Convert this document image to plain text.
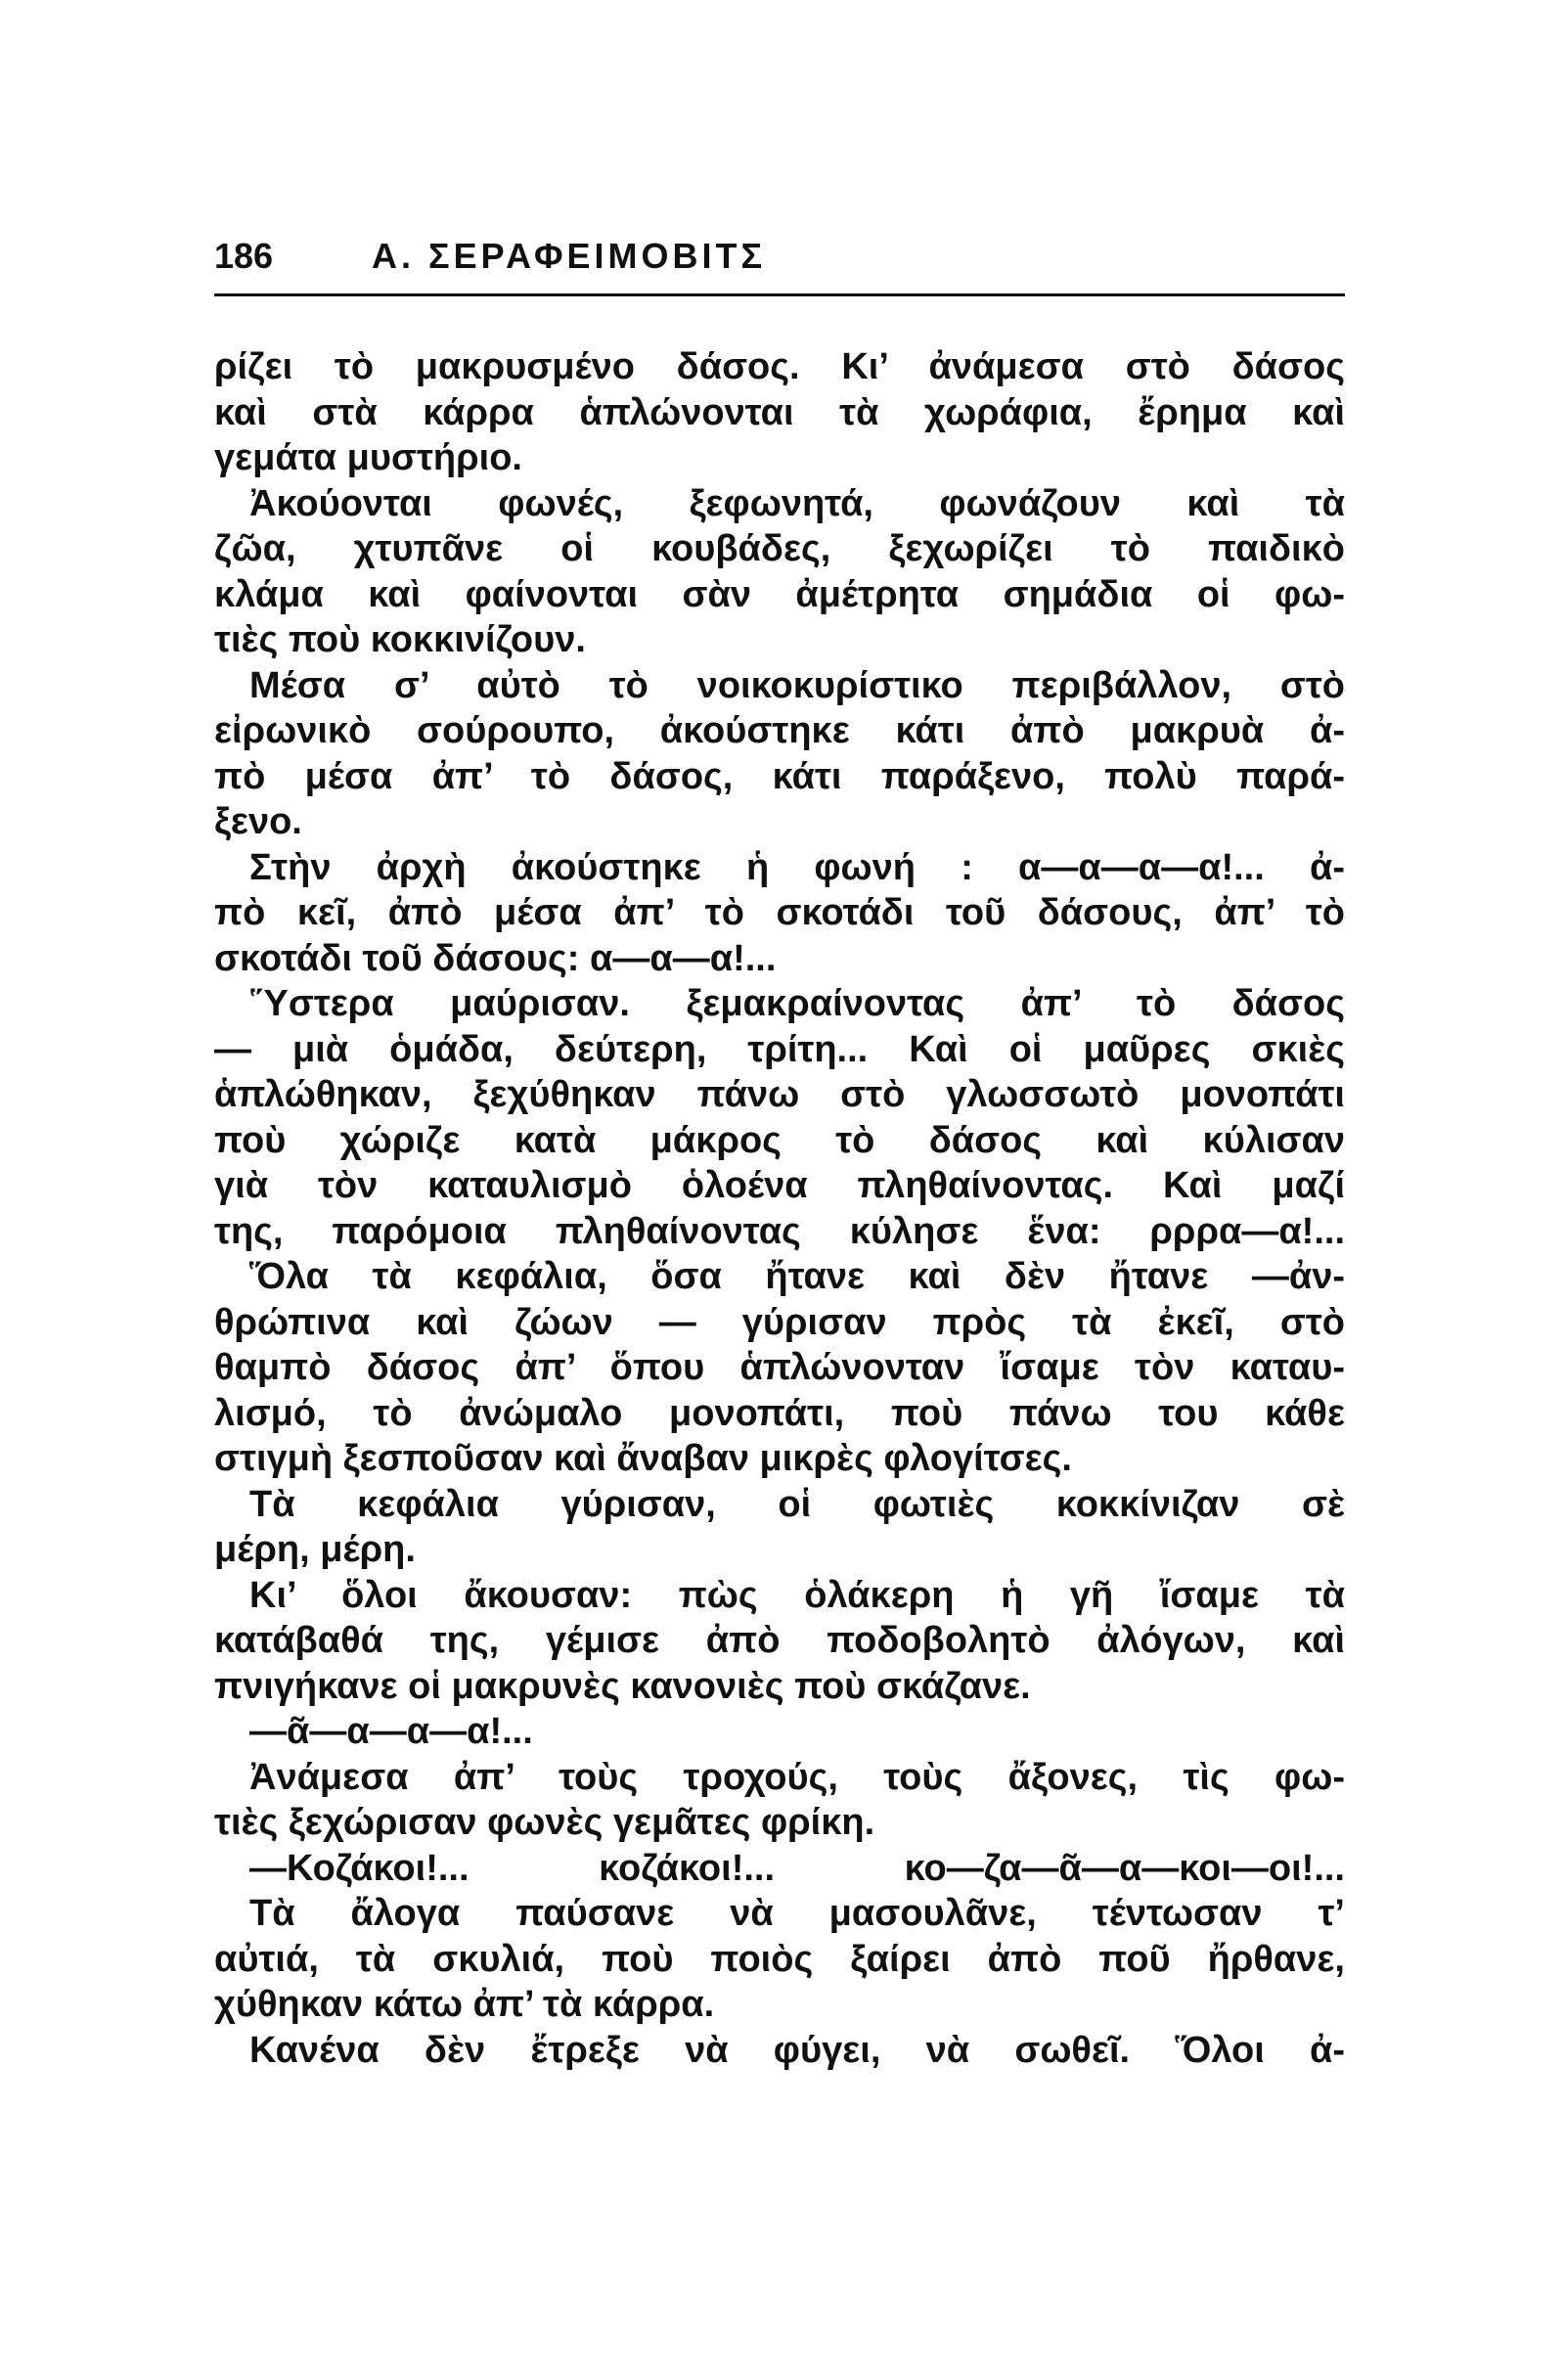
186	Α. ΣΕΡΑΦΕΙΜΟΒΙΤΣ
ρίζει τὸ μακρυσμένο δάσος. Κι’ ἀνάμεσα στὸ δάσος
καὶ στὰ κάρρα ἁπλώνονται τὰ χωράφια, ἔρημα καὶ
γεμάτα μυστήριο.
Ἀκούονται φωνές, ξεφωνητά, φωνάζουν καὶ τὰ
ζῶα, χτυπᾶνε οἱ κουβάδες, ξεχωρίζει τὸ παιδικὸ
κλάμα καὶ φαίνονται σὰν ἀμέτρητα σημάδια οἱ φω-
τιὲς ποὺ κοκκινίζουν.
Μέσα σ’ αὐτὸ τὸ νοικοκυρίστικο περιβάλλον, στὸ
εἰρωνικὸ σούρουπο, ἀκούστηκε κάτι ἀπὸ μακρυὰ ἀ-
πὸ μέσα ἀπ’ τὸ δάσος, κάτι παράξενο, πολὺ παρά-
ξενο.
Στὴν ἀρχὴ ἀκούστηκε ἡ φωνή : α—α—α—α!... ἀ-
πὸ κεῖ, ἀπὸ μέσα ἀπ’ τὸ σκοτάδι τοῦ δάσους, ἀπ’ τὸ
σκοτάδι τοῦ δάσους: α—α—α!...
Ὕστερα μαύρισαν. ξεμακραίνοντας ἀπ’ τὸ δάσος
— μιὰ ὁμάδα, δεύτερη, τρίτη... Καὶ οἱ μαῦρες σκιὲς
ἁπλώθηκαν, ξεχύθηκαν πάνω στὸ γλωσσωτὸ μονοπάτι
ποὺ χώριζε κατὰ μάκρος τὸ δάσος καὶ κύλισαν
γιὰ τὸν καταυλισμὸ ὁλοένα πληθαίνοντας. Καὶ μαζί
της, παρόμοια πληθαίνοντας κύλησε ἕνα: ρρρα—α!...
Ὅλα τὰ κεφάλια, ὅσα ἤτανε καὶ δὲν ἤτανε —ἀν-
θρώπινα καὶ ζώων — γύρισαν πρὸς τὰ ἐκεῖ, στὸ
θαμπὸ δάσος ἀπ’ ὅπου ἁπλώνονταν ἴσαμε τὸν καταυ-
λισμό, τὸ ἀνώμαλο μονοπάτι, ποὺ πάνω του κάθε
στιγμὴ ξεσποῦσαν καὶ ἄναβαν μικρὲς φλογίτσες.
Τὰ κεφάλια γύρισαν, οἱ φωτιὲς κοκκίνιζαν σὲ
μέρη, μέρη.
Κι’ ὅλοι ἄκουσαν: πὼς ὁλάκερη ἡ γῆ ἴσαμε τὰ
κατάβαθά της, γέμισε ἀπὸ ποδοβολητὸ ἀλόγων, καὶ
πνιγήκανε οἱ μακρυνὲς κανονιὲς ποὺ σκάζανε.
—ᾶ—α—α—α!...
Ἀνάμεσα ἀπ’ τοὺς τροχούς, τοὺς ἄξονες, τὶς φω-
τιὲς ξεχώρισαν φωνὲς γεμᾶτες φρίκη.
—Κοζάκοι!... κοζάκοι!... κο—ζα—ᾶ—α—κοι—οι!...
Τὰ ἄλογα παύσανε νὰ μασουλᾶνε, τέντωσαν τ’
αὐτιά, τὰ σκυλιά, ποὺ ποιὸς ξαίρει ἀπὸ ποῦ ἤρθανε,
χύθηκαν κάτω ἀπ’ τὰ κάρρα.
Κανένα δὲν ἔτρεξε νὰ φύγει, νὰ σωθεῖ. Ὅλοι ἀ-
